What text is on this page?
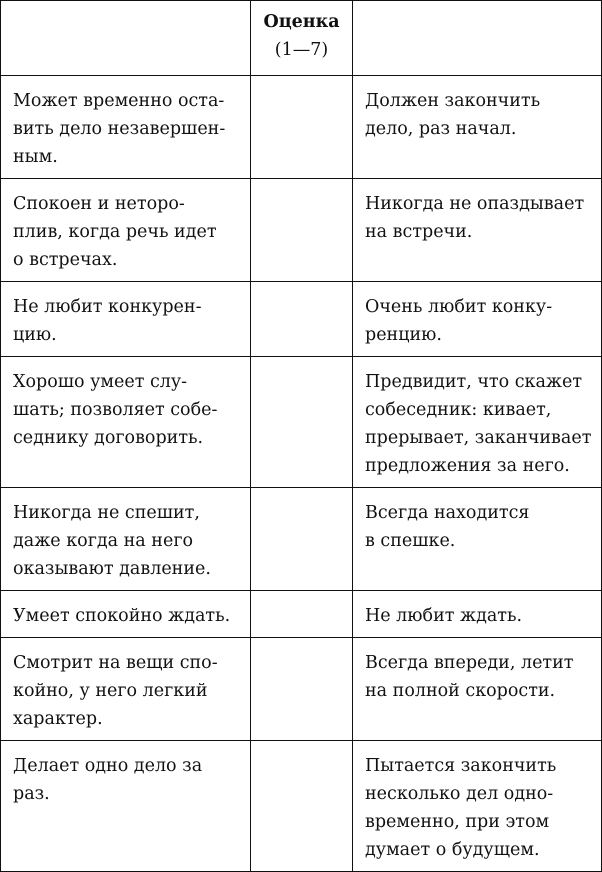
	Оценка (1—7)	

Может временно оста-
вить дело незавершен-
ным.		Должен закончить
дело, раз начал.

Спокоен и неторо-
плив, когда речь идет
о встречах.		Никогда не опаздывает
на встречи.

Не любит конкурен-
цию.		Очень любит конку-
ренцию.

Хорошо умеет слу-
шать; позволяет собе-
седнику договорить.		Предвидит, что скажет
собеседник: кивает,
прерывает, заканчивает
предложения за него.

Никогда не спешит,
даже когда на него
оказывают давление.		Всегда находится
в спешке.

Умеет спокойно ждать.		Не любит ждать.

Смотрит на вещи спо-
койно, у него легкий
характер.		Всегда впереди, летит
на полной скорости.

Делает одно дело за
раз.		Пытается закончить
несколько дел одно-
временно, при этом
думает о будущем.
